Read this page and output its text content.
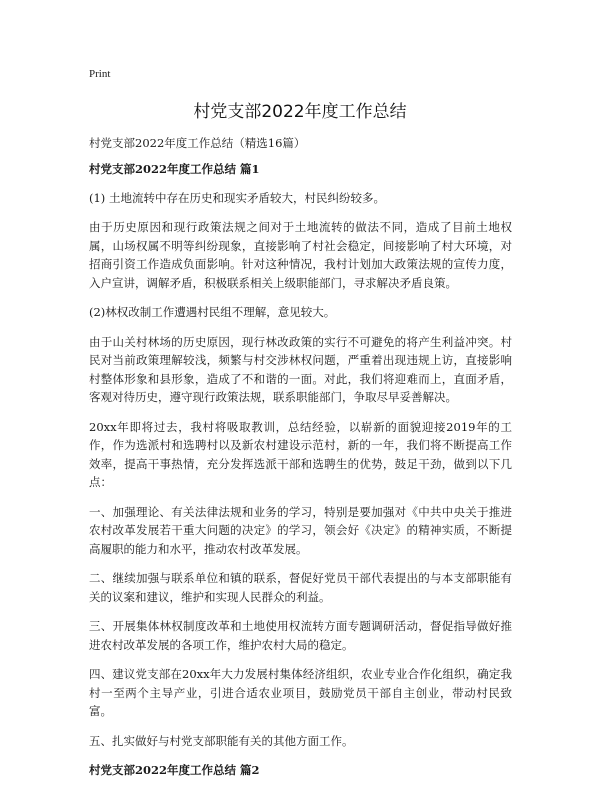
Print
村党支部2022年度工作总结

村党支部2022年度工作总结（精选16篇）

村党支部2022年度工作总结 篇1

(1) 土地流转中存在历史和现实矛盾较大，村民纠纷较多。

由于历史原因和现行政策法规之间对于土地流转的做法不同，造成了目前土地权属，山场权属不明等纠纷现象，直接影响了村社会稳定，间接影响了村大环境，对招商引资工作造成负面影响。针对这种情况，我村计划加大政策法规的宣传力度，入户宣讲，调解矛盾，积极联系相关上级职能部门，寻求解决矛盾良策。

(2)林权改制工作遭遇村民组不理解，意见较大。

由于山关村林场的历史原因，现行林改政策的实行不可避免的将产生利益冲突。村民对当前政策理解较浅，频繁与村交涉林权问题，严重着出现违规上访，直接影响村整体形象和县形象，造成了不和谐的一面。对此，我们将迎难而上，直面矛盾，客观对待历史，遵守现行政策法规，联系职能部门，争取尽早妥善解决。

20xx年即将过去，我村将吸取教训，总结经验，以崭新的面貌迎接2019年的工作，作为选派村和选聘村以及新农村建设示范村，新的一年，我们将不断提高工作效率，提高干事热情，充分发挥选派干部和选聘生的优势，鼓足干劲，做到以下几点：

一、加强理论、有关法律法规和业务的学习，特别是要加强对《中共中央关于推进农村改革发展若干重大问题的决定》的学习，领会好《决定》的精神实质，不断提高履职的能力和水平，推动农村改革发展。

二、继续加强与联系单位和镇的联系，督促好党员干部代表提出的与本支部职能有关的议案和建议，维护和实现人民群众的利益。

三、开展集体林权制度改革和土地使用权流转方面专题调研活动，督促指导做好推进农村改革发展的各项工作，维护农村大局的稳定。

四、建议党支部在20xx年大力发展村集体经济组织，农业专业合作化组织，确定我村一至两个主导产业，引进合适农业项目，鼓励党员干部自主创业，带动村民致富。

五、扎实做好与村党支部职能有关的其他方面工作。

村党支部2022年度工作总结 篇2
